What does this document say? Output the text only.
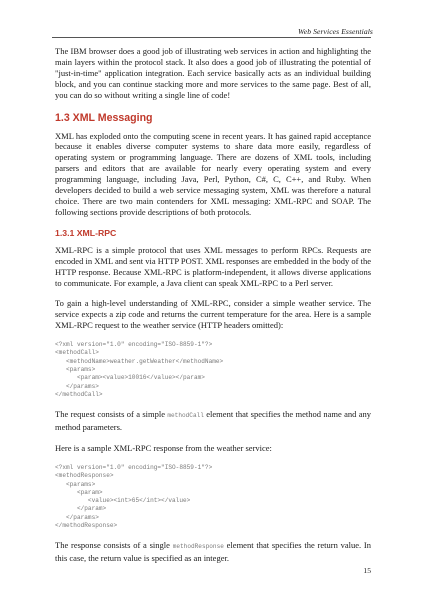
Web Services Essentials

The IBM browser does a good job of illustrating web services in action and highlighting the main layers within the protocol stack. It also does a good job of illustrating the potential of "just-in-time" application integration. Each service basically acts as an individual building block, and you can continue stacking more and more services to the same page. Best of all, you can do so without writing a single line of code!

1.3 XML Messaging

XML has exploded onto the computing scene in recent years. It has gained rapid acceptance because it enables diverse computer systems to share data more easily, regardless of operating system or programming language. There are dozens of XML tools, including parsers and editors that are available for nearly every operating system and every programming language, including Java, Perl, Python, C#, C, C++, and Ruby. When developers decided to build a web service messaging system, XML was therefore a natural choice. There are two main contenders for XML messaging: XML-RPC and SOAP. The following sections provide descriptions of both protocols.

1.3.1 XML-RPC

XML-RPC is a simple protocol that uses XML messages to perform RPCs. Requests are encoded in XML and sent via HTTP POST. XML responses are embedded in the body of the HTTP response. Because XML-RPC is platform-independent, it allows diverse applications to communicate. For example, a Java client can speak XML-RPC to a Perl server.

To gain a high-level understanding of XML-RPC, consider a simple weather service. The service expects a zip code and returns the current temperature for the area. Here is a sample XML-RPC request to the weather service (HTTP headers omitted):

<?xml version="1.0" encoding="ISO-8859-1"?>
<methodCall>
<methodName>weather.getWeather</methodName>
<params>
<param><value>10016</value></param>
</params>
</methodCall>

The request consists of a simple methodCall element that specifies the method name and any method parameters.

Here is a sample XML-RPC response from the weather service:

<?xml version="1.0" encoding="ISO-8859-1"?>
<methodResponse>
<params>
<param>
<value><int>65</int></value>
</param>
</params>
</methodResponse>

The response consists of a single methodResponse element that specifies the return value. In this case, the return value is specified as an integer.

15
